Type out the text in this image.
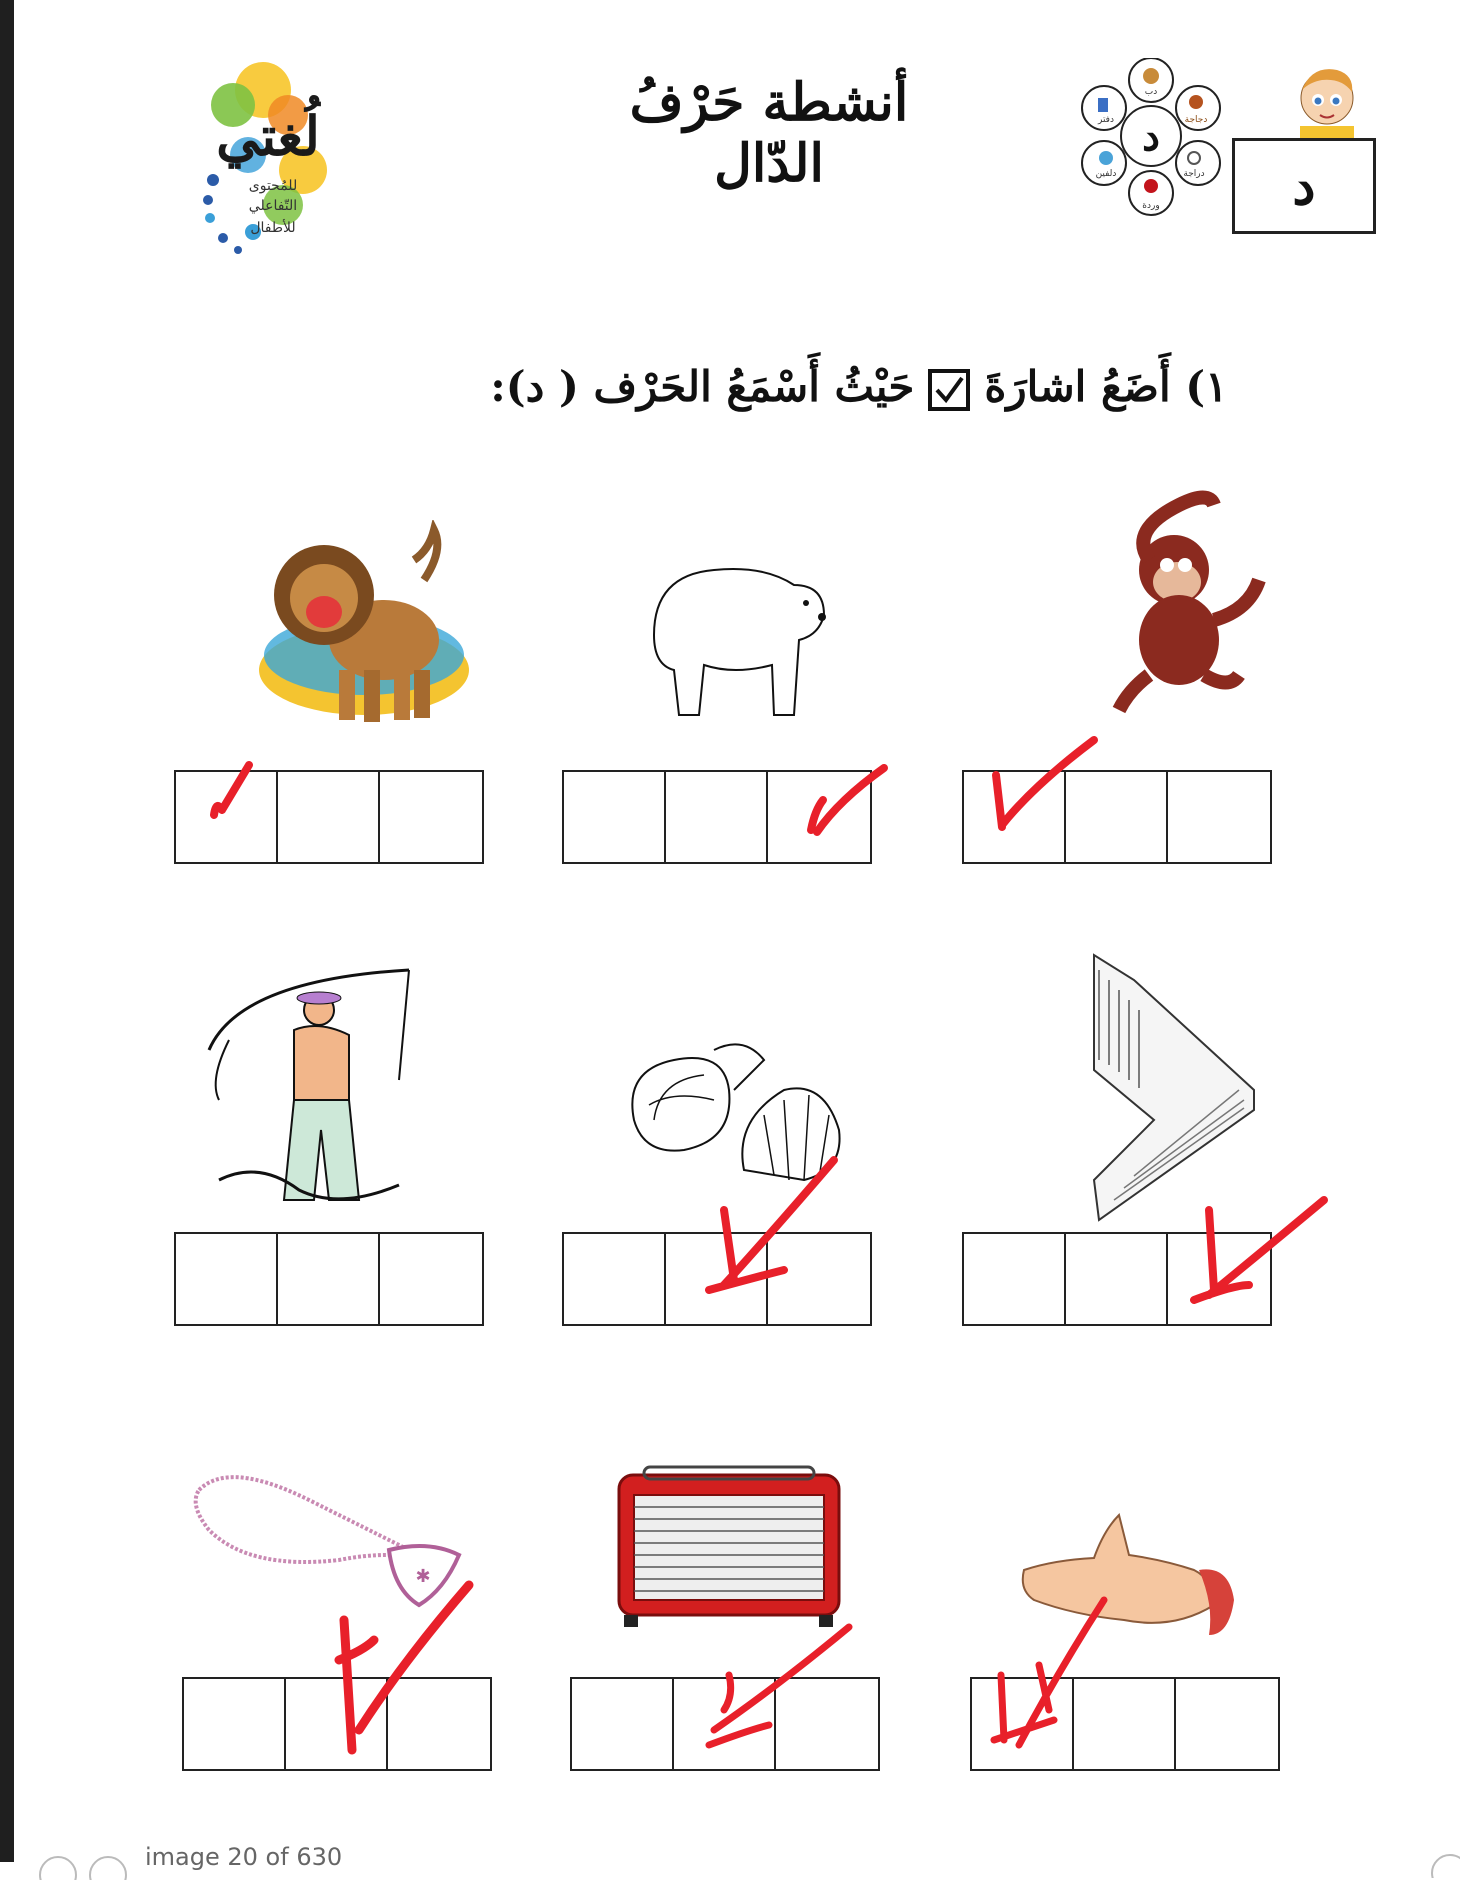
لُغتي
للمُحتوى
التّفاعلي
للأطفال
أنشطة حَرْفُ الدّال	د	دجاجة
دراجة
وردة
دلفين
دفتر
دب
د
١) أَضَعُ اشارَةَ
حَيْثُ أَسْمَعُ الحَرْف ( د):
✱
image 20 of 630
